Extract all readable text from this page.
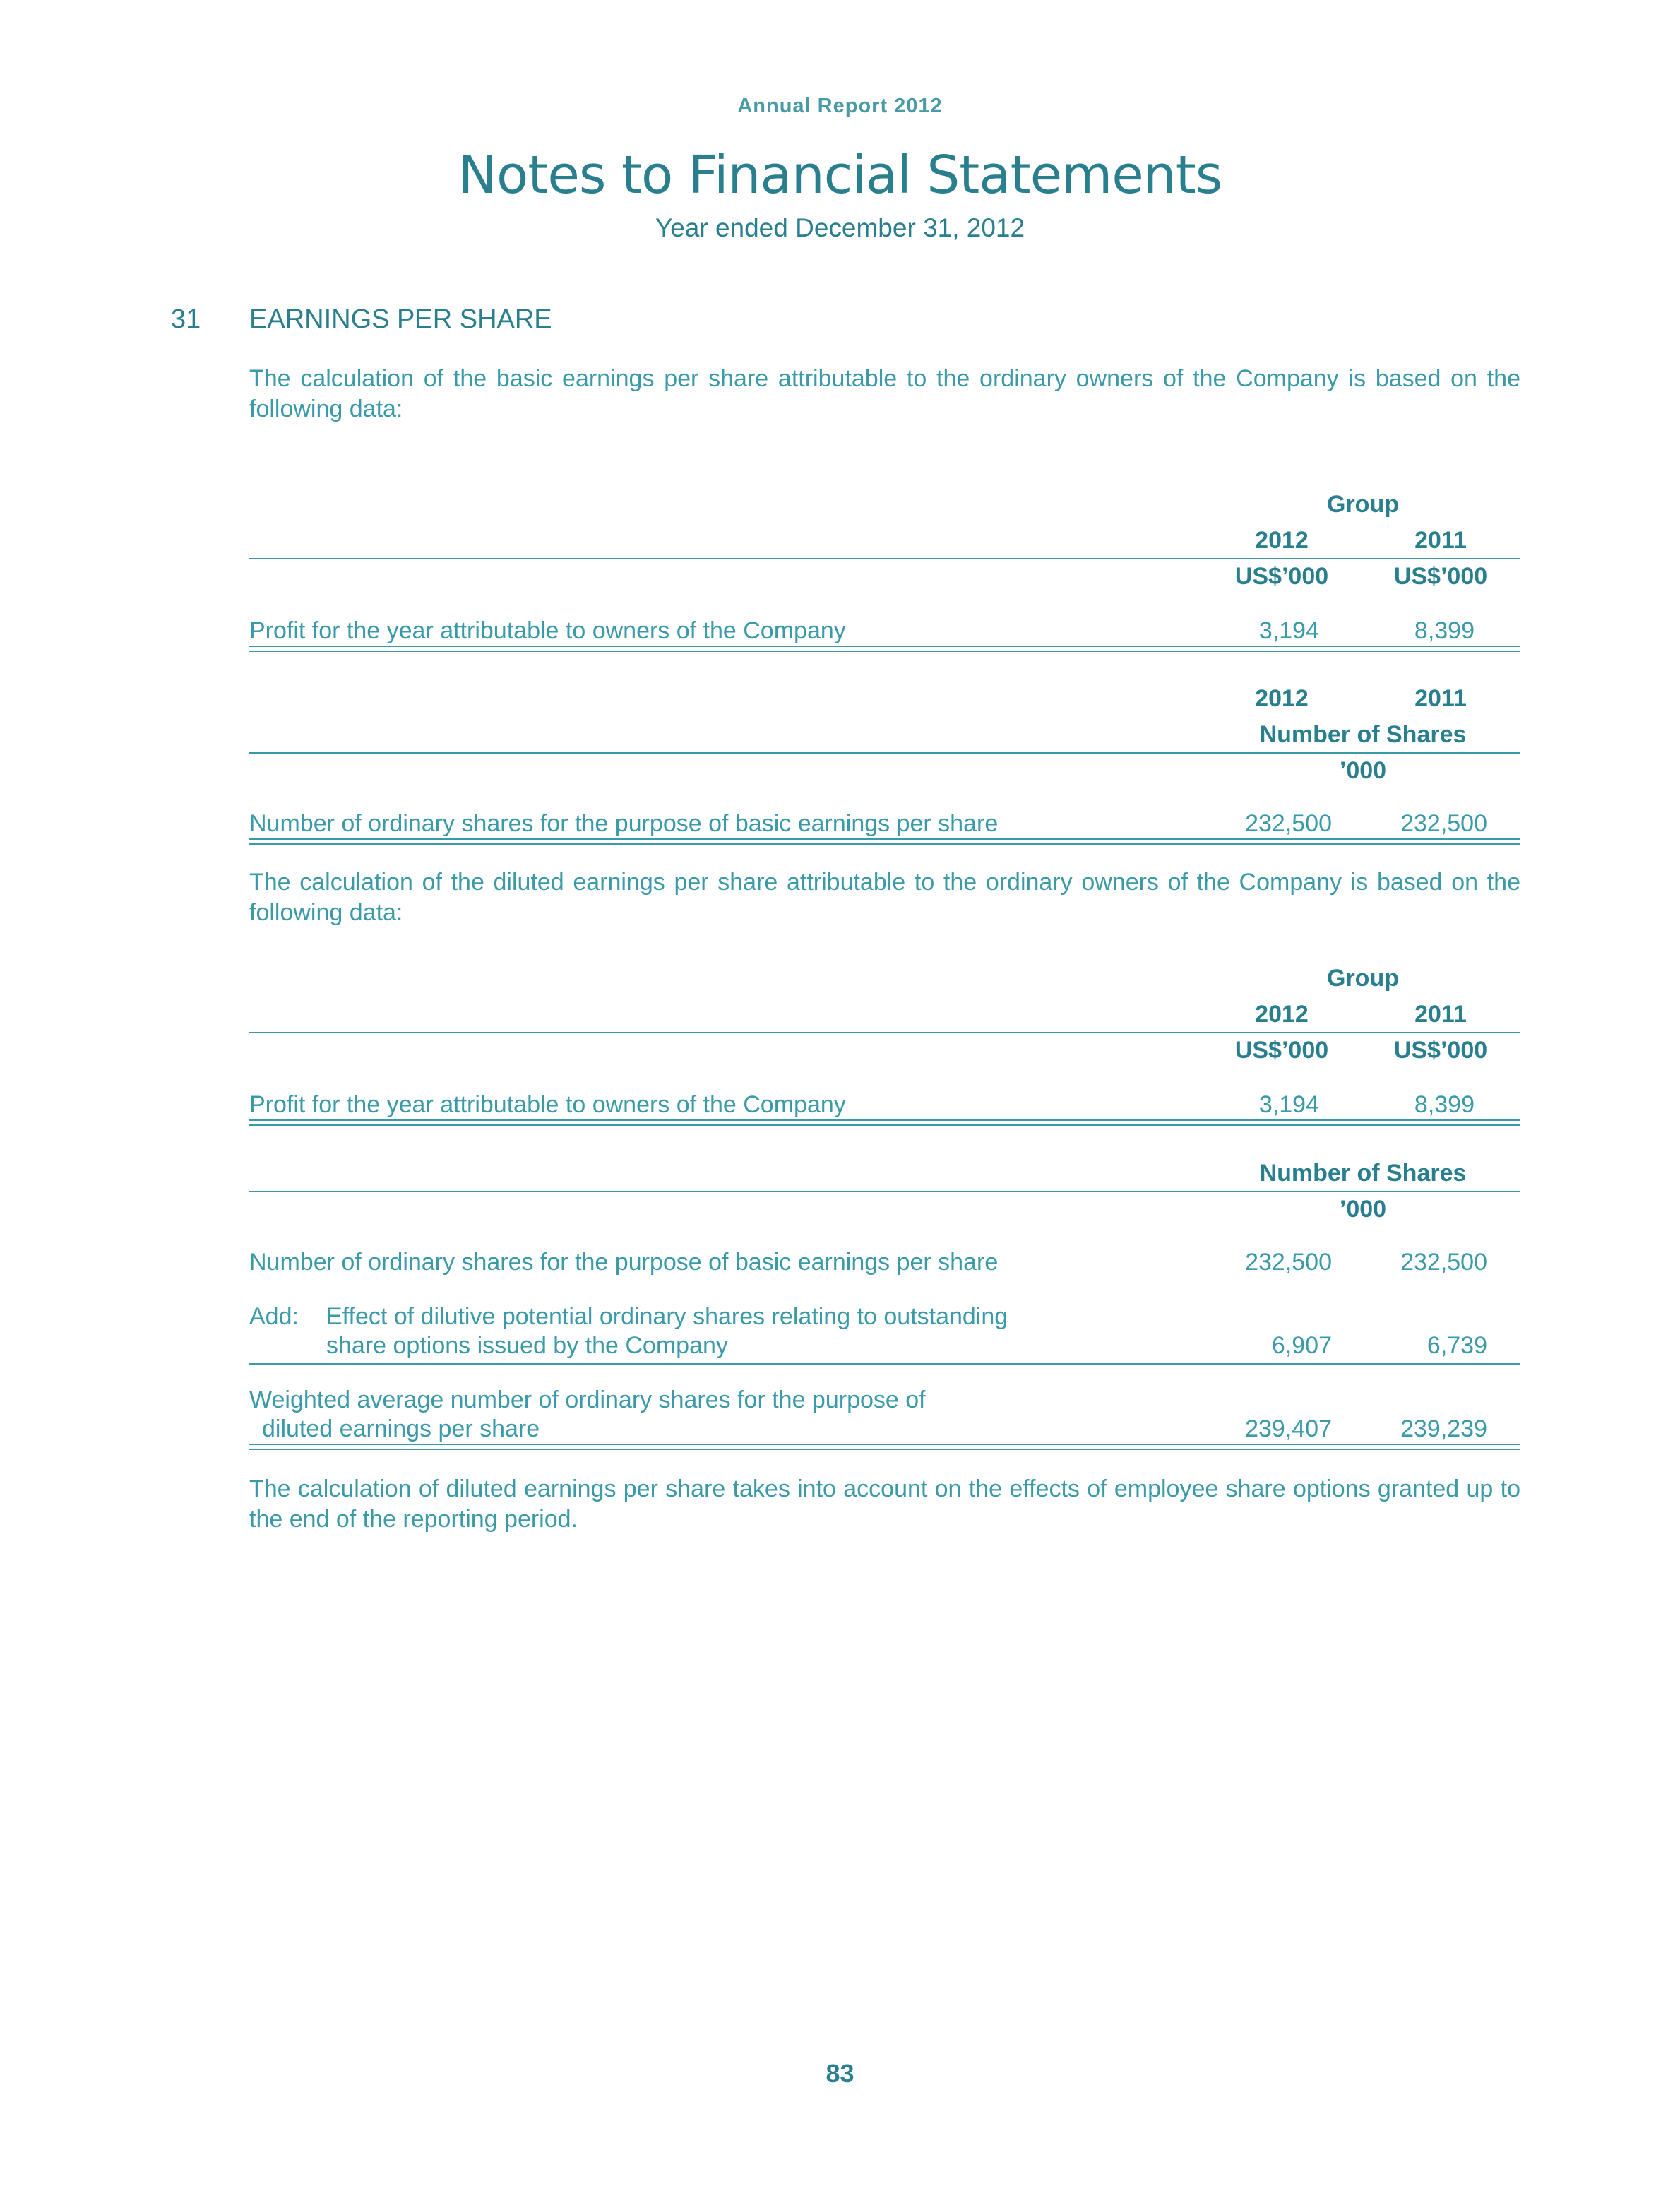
Annual Report 2012
Notes to Financial Statements
Year ended December 31, 2012
31 EARNINGS PER SHARE
The calculation of the basic earnings per share attributable to the ordinary owners of the Company is based on the following data:
Group
2012	2011
US$’000	US$’000
Profit for the year attributable to owners of the Company	3,194	8,399
2012	2011
Number of Shares
’000
Number of ordinary shares for the purpose of basic earnings per share	232,500	232,500
The calculation of the diluted earnings per share attributable to the ordinary owners of the Company is based on the following data:
Group
2012	2011
US$’000	US$’000
Profit for the year attributable to owners of the Company	3,194	8,399
Number of Shares
’000
Number of ordinary shares for the purpose of basic earnings per share	232,500	232,500
Add: Effect of dilutive potential ordinary shares relating to outstanding
share options issued by the Company	6,907	6,739
Weighted average number of ordinary shares for the purpose of
diluted earnings per share	239,407	239,239
The calculation of diluted earnings per share takes into account on the effects of employee share options granted up to the end of the reporting period.
83
